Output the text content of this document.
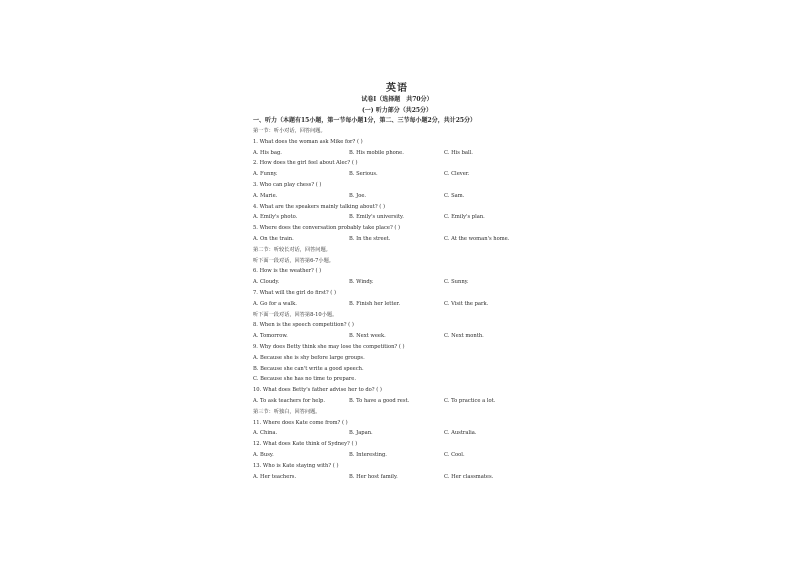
英语
试卷Ⅰ（选择题　共70分）
(一) 听力部分（共25分）
一、听力（本题有15小题，第一节每小题1分，第二、三节每小题2分，共计25分）
第一节：听小对话，回答问题。
1. What does the woman ask Mike for? ( )
A. His bag.	B. His mobile phone.	C. His ball.
2. How does the girl feel about Alec? ( )
A. Funny.	B. Serious.	C. Clever.
3. Who can play chess? ( )
A. Marie.	B. Joe.	C. Sam.
4. What are the speakers mainly talking about? ( )
A. Emily's photo.	B. Emily's university.	C. Emily's plan.
5. Where does the conversation probably take place? ( )
A. On the train.	B. In the street.	C. At the woman's home.
第二节：听较长对话，回答问题。
听下面一段对话，回答第6-7小题。
6. How is the weather? ( )
A. Cloudy.	B. Windy.	C. Sunny.
7. What will the girl do first? ( )
A. Go for a walk.	B. Finish her letter.	C. Visit the park.
听下面一段对话，回答第8-10小题。
8. When is the speech competition? ( )
A. Tomorrow.	B. Next week.	C. Next month.
9. Why does Betty think she may lose the competition? ( )
A. Because she is shy before large groups.
B. Because she can't write a good speech.
C. Because she has no time to prepare.
10. What does Betty's father advise her to do? ( )
A. To ask teachers for help.	B. To have a good rest.	C. To practice a lot.
第三节：听独白，回答问题。
11. Where does Kate come from? ( )
A. China.	B. Japan.	C. Australia.
12. What does Kate think of Sydney? ( )
A. Busy.	B. Interesting.	C. Cool.
13. Who is Kate staying with? ( )
A. Her teachers.	B. Her host family.	C. Her classmates.
